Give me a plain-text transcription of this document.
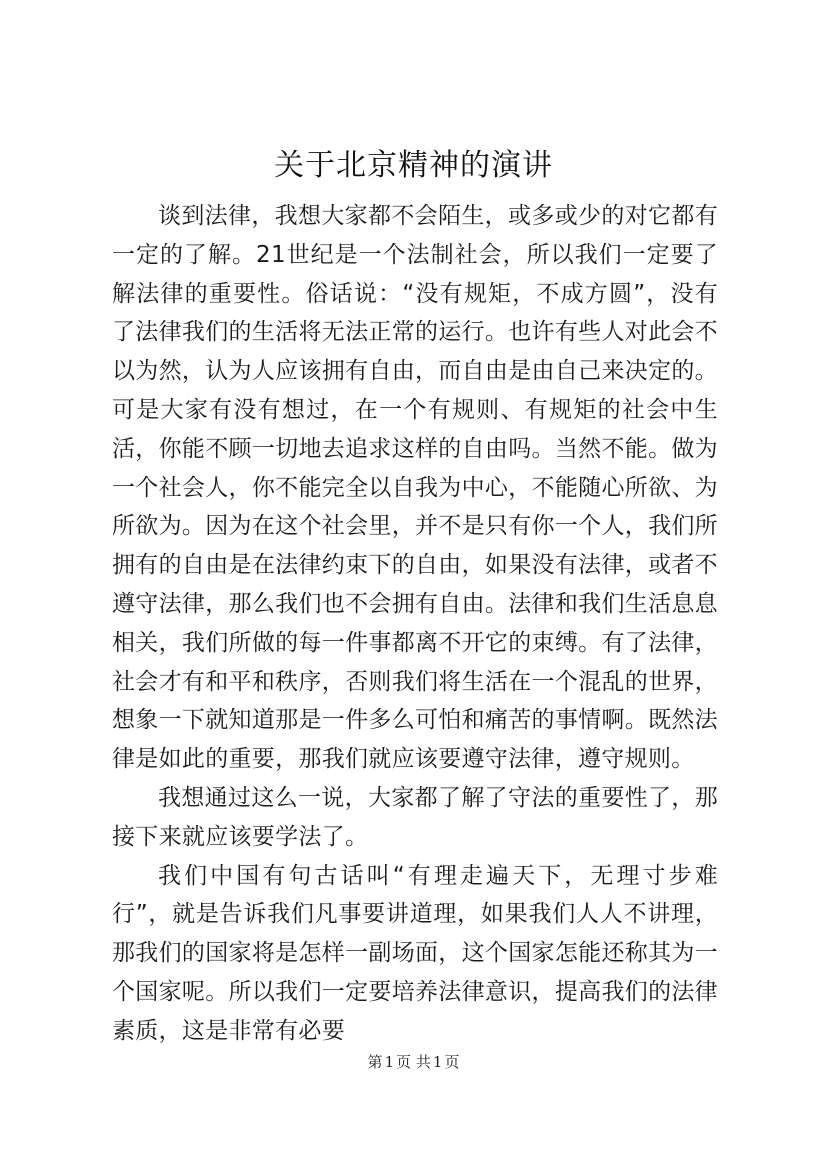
关于北京精神的演讲

谈到法律，我想大家都不会陌生，或多或少的对它都有一定的了解。21世纪是一个法制社会，所以我们一定要了解法律的重要性。俗话说：“没有规矩，不成方圆”，没有了法律我们的生活将无法正常的运行。也许有些人对此会不以为然，认为人应该拥有自由，而自由是由自己来决定的。可是大家有没有想过，在一个有规则、有规矩的社会中生活，你能不顾一切地去追求这样的自由吗。当然不能。做为一个社会人，你不能完全以自我为中心，不能随心所欲、为所欲为。因为在这个社会里，并不是只有你一个人，我们所拥有的自由是在法律约束下的自由，如果没有法律，或者不遵守法律，那么我们也不会拥有自由。法律和我们生活息息相关，我们所做的每一件事都离不开它的束缚。有了法律，社会才有和平和秩序，否则我们将生活在一个混乱的世界，想象一下就知道那是一件多么可怕和痛苦的事情啊。既然法律是如此的重要，那我们就应该要遵守法律，遵守规则。

我想通过这么一说，大家都了解了守法的重要性了，那接下来就应该要学法了。

我们中国有句古话叫“有理走遍天下，无理寸步难行”，就是告诉我们凡事要讲道理，如果我们人人不讲理，那我们的国家将是怎样一副场面，这个国家怎能还称其为一个国家呢。所以我们一定要培养法律意识，提高我们的法律素质，这是非常有必要

第 1 页 共 1 页
